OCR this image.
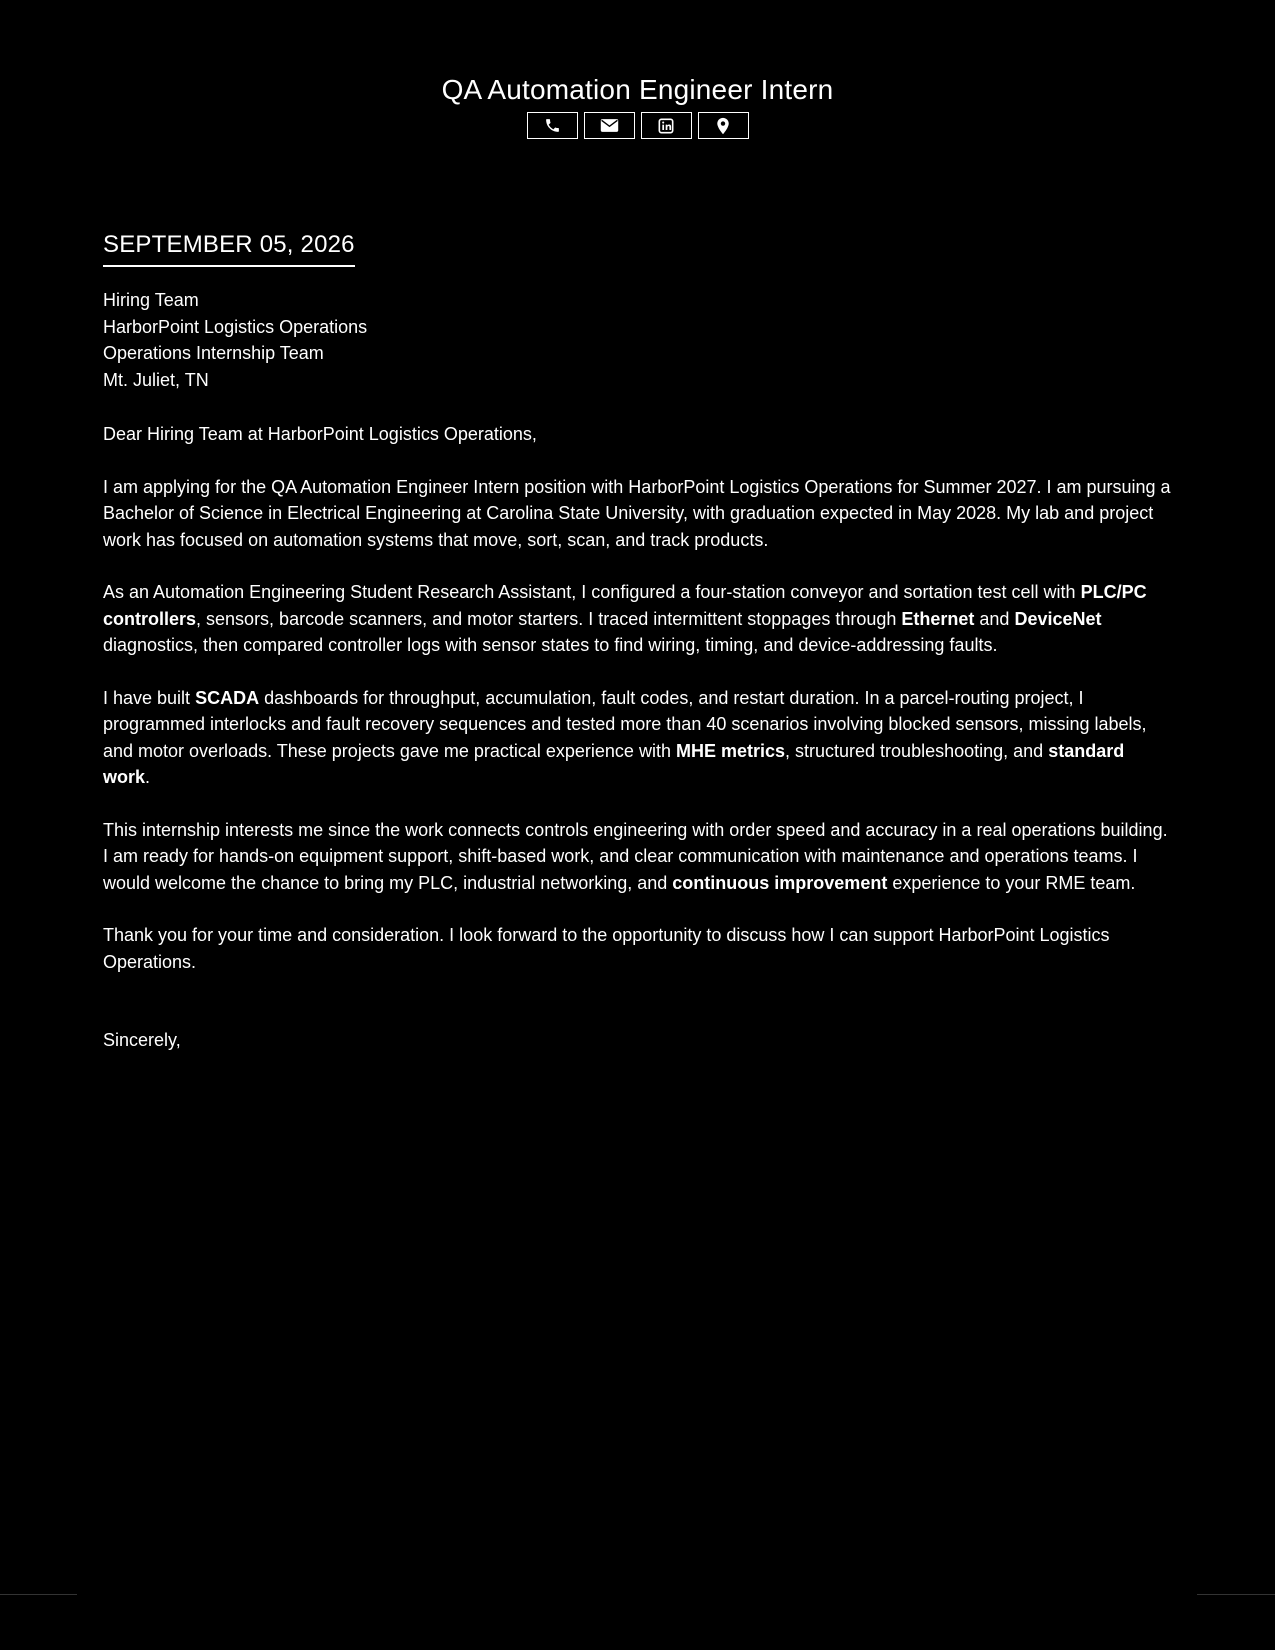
QA Automation Engineer Intern
SEPTEMBER 05, 2026
Hiring Team
HarborPoint Logistics Operations
Operations Internship Team
Mt. Juliet, TN

Dear Hiring Team at HarborPoint Logistics Operations,

I am applying for the QA Automation Engineer Intern position with HarborPoint Logistics Operations for Summer 2027. I am pursuing a Bachelor of Science in Electrical Engineering at Carolina State University, with graduation expected in May 2028. My lab and project work has focused on automation systems that move, sort, scan, and track products.

As an Automation Engineering Student Research Assistant, I configured a four-station conveyor and sortation test cell with PLC/PC controllers, sensors, barcode scanners, and motor starters. I traced intermittent stoppages through Ethernet and DeviceNet diagnostics, then compared controller logs with sensor states to find wiring, timing, and device-addressing faults.

I have built SCADA dashboards for throughput, accumulation, fault codes, and restart duration. In a parcel-routing project, I programmed interlocks and fault recovery sequences and tested more than 40 scenarios involving blocked sensors, missing labels, and motor overloads. These projects gave me practical experience with MHE metrics, structured troubleshooting, and standard work.

This internship interests me since the work connects controls engineering with order speed and accuracy in a real operations building. I am ready for hands-on equipment support, shift-based work, and clear communication with maintenance and operations teams. I would welcome the chance to bring my PLC, industrial networking, and continuous improvement experience to your RME team.

Thank you for your time and consideration. I look forward to the opportunity to discuss how I can support HarborPoint Logistics Operations.

Sincerely,
